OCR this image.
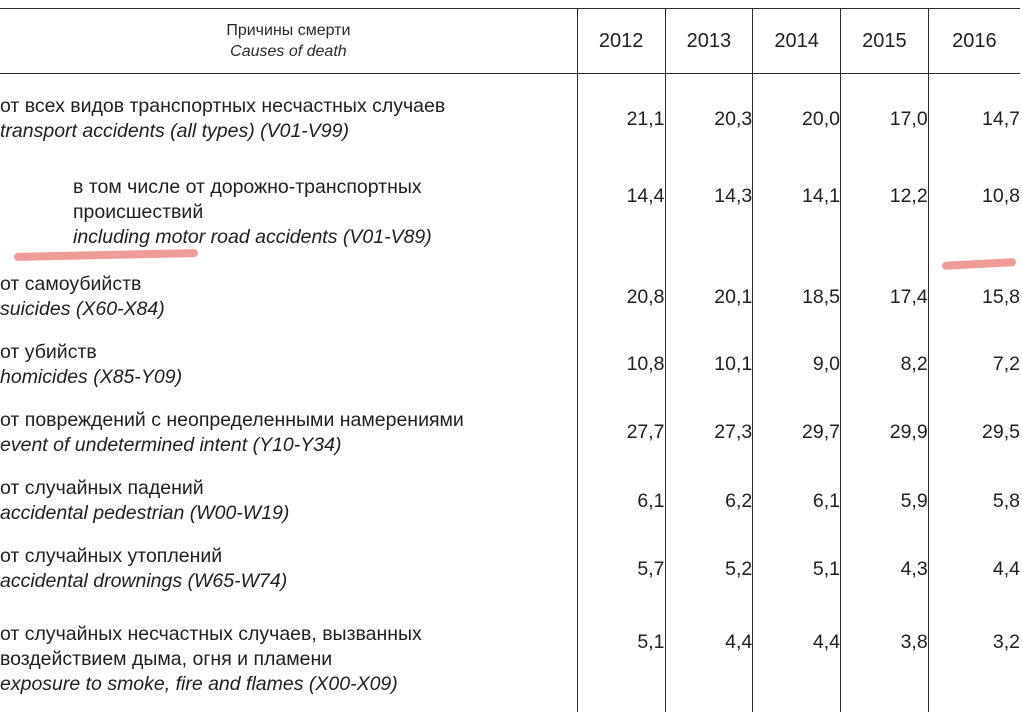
Причины смерти
Causes of death	2012	2013	2014	2015	2016

от всех видов транспортных несчастных случаев
transport accidents (all types) (V01-V99)	21,1	20,3	20,0	17,0	14,7

в том числе от дорожно-транспортных происшествий
including motor road accidents (V01-V89)	14,4	14,3	14,1	12,2	10,8

от самоубийств
suicides (X60-X84)	20,8	20,1	18,5	17,4	15,8

от убийств
homicides (X85-Y09)	10,8	10,1	9,0	8,2	7,2

от повреждений с неопределенными намерениями
event of undetermined intent (Y10-Y34)	27,7	27,3	29,7	29,9	29,5

от случайных падений
accidental pedestrian (W00-W19)	6,1	6,2	6,1	5,9	5,8

от случайных утоплений
accidental drownings (W65-W74)	5,7	5,2	5,1	4,3	4,4

от случайных несчастных случаев, вызванных воздействием дыма, огня и пламени
exposure to smoke, fire and flames (X00-X09)	5,1	4,4	4,4	3,8	3,2
